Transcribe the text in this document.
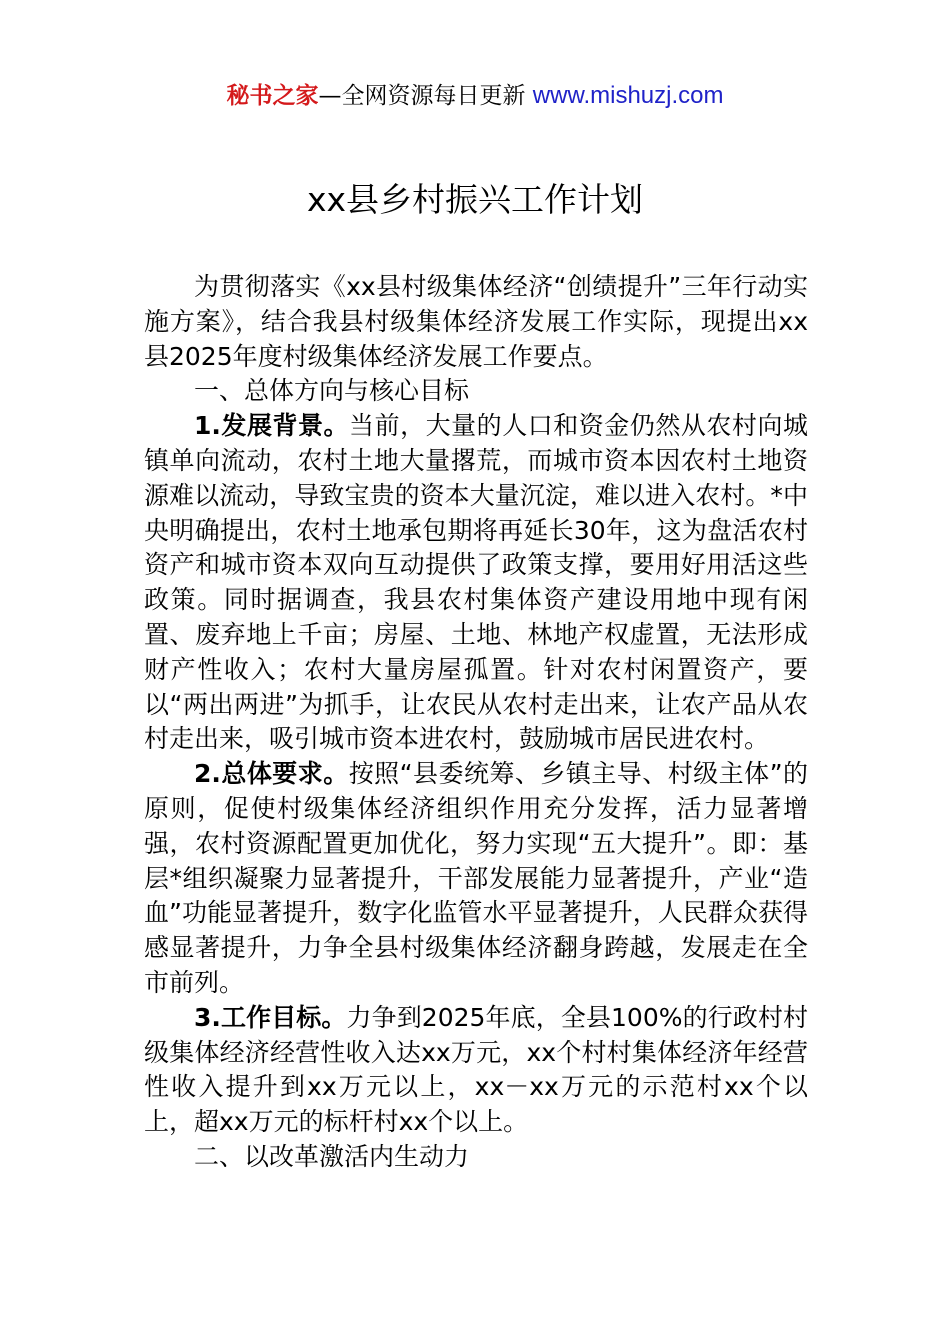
秘书之家—全网资源每日更新 www.mishuzj.com
xx县乡村振兴工作计划

为贯彻落实《xx县村级集体经济“创绩提升”三年行动实施方案》，结合我县村级集体经济发展工作实际，现提出xx县2025年度村级集体经济发展工作要点。

一、总体方向与核心目标

1.发展背景。当前，大量的人口和资金仍然从农村向城镇单向流动，农村土地大量撂荒，而城市资本因农村土地资源难以流动，导致宝贵的资本大量沉淀，难以进入农村。*中央明确提出，农村土地承包期将再延长30年，这为盘活农村资产和城市资本双向互动提供了政策支撑，要用好用活这些政策。同时据调查，我县农村集体资产建设用地中现有闲置、废弃地上千亩；房屋、土地、林地产权虚置，无法形成财产性收入；农村大量房屋孤置。针对农村闲置资产，要以“两出两进”为抓手，让农民从农村走出来，让农产品从农村走出来，吸引城市资本进农村，鼓励城市居民进农村。

2.总体要求。按照“县委统筹、乡镇主导、村级主体”的原则，促使村级集体经济组织作用充分发挥，活力显著增强，农村资源配置更加优化，努力实现“五大提升”。即：基层*组织凝聚力显著提升，干部发展能力显著提升，产业“造血”功能显著提升，数字化监管水平显著提升，人民群众获得感显著提升，力争全县村级集体经济翻身跨越，发展走在全市前列。

3.工作目标。力争到2025年底，全县100%的行政村村级集体经济经营性收入达xx万元，xx个村村集体经济年经营性收入提升到xx万元以上，xx－xx万元的示范村xx个以上，超xx万元的标杆村xx个以上。

二、以改革激活内生动力
